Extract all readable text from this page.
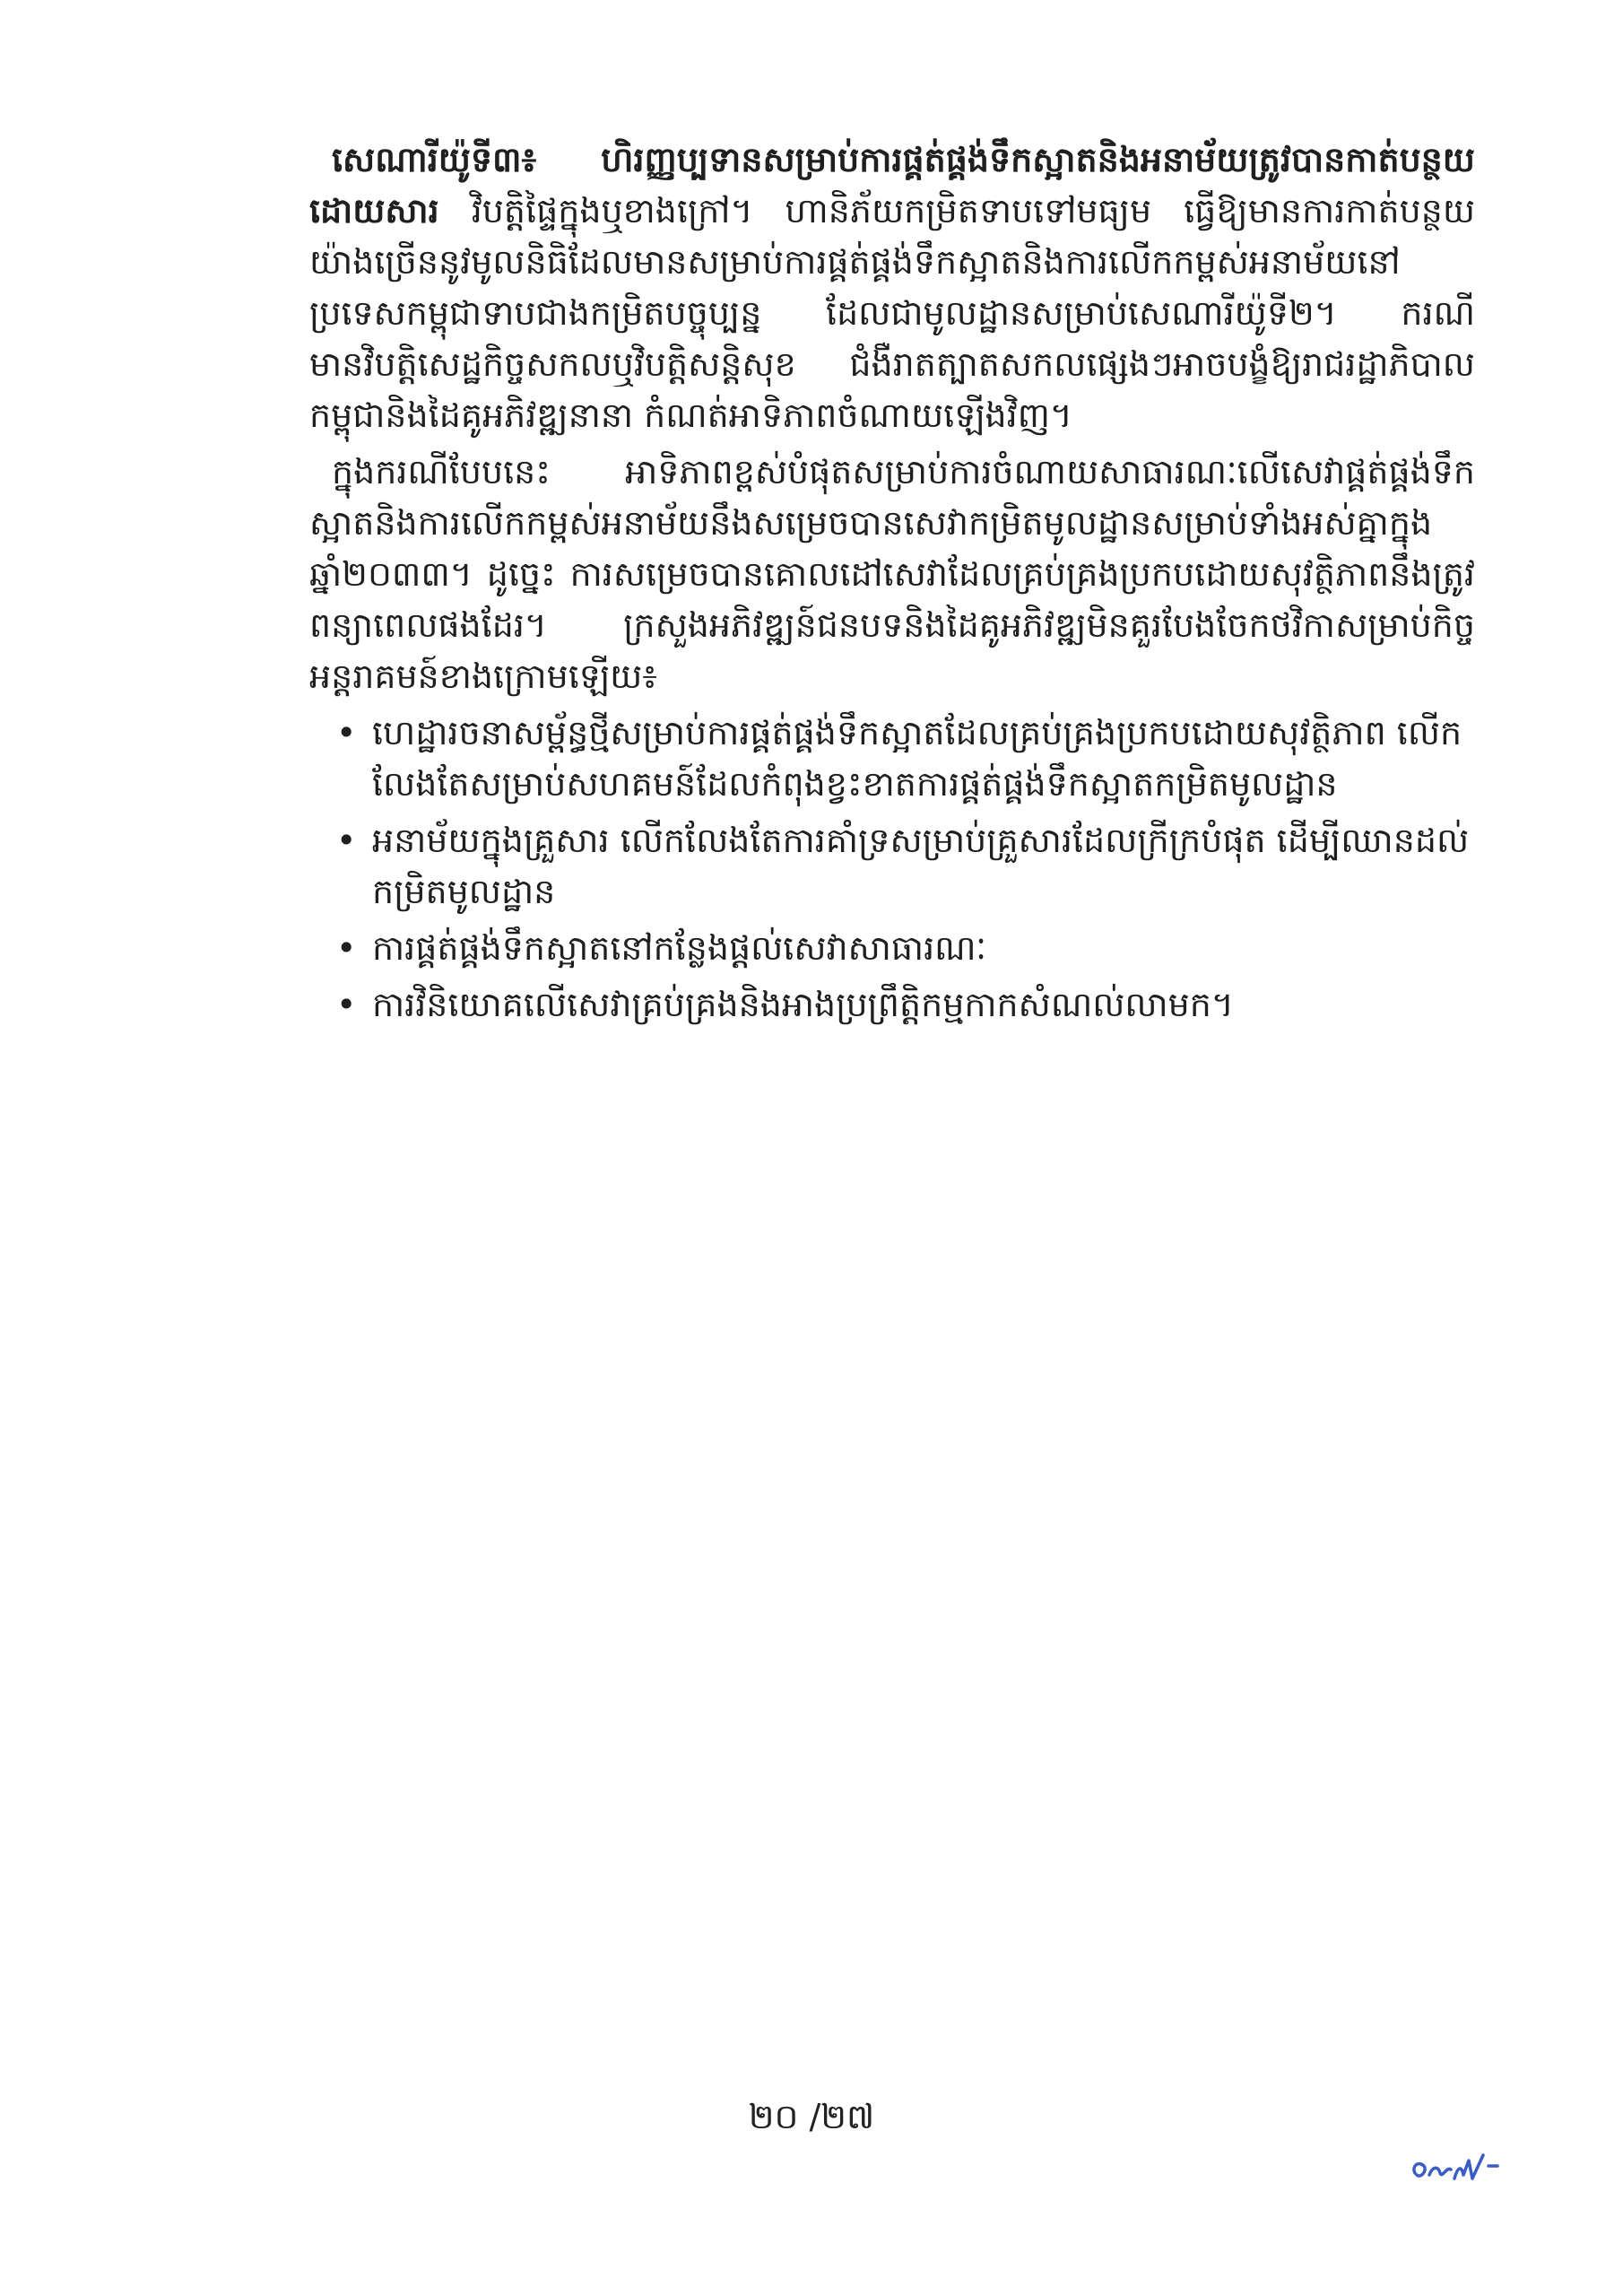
សេណារីយ៉ូទី៣៖ ហិរញ្ញប្បទានសម្រាប់ការផ្គត់ផ្គង់ទឹកស្អាតនិងអនាម័យត្រូវបានកាត់បន្ថយ ដោយសារ វិបត្តិផ្ទៃក្នុងឬខាងក្រៅ។ ហានិភ័យកម្រិតទាបទៅមធ្យម ធ្វើឱ្យមានការកាត់បន្ថយយ៉ាងច្រើននូវមូលនិធិដែលមានសម្រាប់ការផ្គត់ផ្គង់ទឹកស្អាតនិងការលើកកម្ពស់អនាម័យនៅប្រទេសកម្ពុជាទាបជាងកម្រិតបច្ចុប្បន្ន ដែលជាមូលដ្ឋានសម្រាប់សេណារីយ៉ូទី២។ ករណីមានវិបត្តិសេដ្ឋកិច្ចសកលឬវិបត្តិសន្តិសុខ ជំងឺរាតត្បាតសកលផ្សេងៗអាចបង្ខំឱ្យរាជរដ្ឋាភិបាលកម្ពុជានិងដៃគូអភិវឌ្ឍនានា កំណត់អាទិភាពចំណាយឡើងវិញ។

ក្នុងករណីបែបនេះ អាទិភាពខ្ពស់បំផុតសម្រាប់ការចំណាយសាធារណៈលើសេវាផ្គត់ផ្គង់ទឹកស្អាតនិងការលើកកម្ពស់អនាម័យនឹងសម្រេចបានសេវាកម្រិតមូលដ្ឋានសម្រាប់ទាំងអស់គ្នាក្នុងឆ្នាំ២០៣៣។ ដូច្នេះ ការសម្រេចបានគោលដៅសេវាដែលគ្រប់គ្រងប្រកបដោយសុវត្ថិភាពនឹងត្រូវពន្យាពេលផងដែរ។ ក្រសួងអភិវឌ្ឍន៍ជនបទនិងដៃគូអភិវឌ្ឍមិនគួរបែងចែកថវិកាសម្រាប់កិច្ចអន្តរាគមន៍ខាងក្រោមឡើយ៖

• ហេដ្ឋារចនាសម្ព័ន្ធថ្មីសម្រាប់ការផ្គត់ផ្គង់ទឹកស្អាតដែលគ្រប់គ្រងប្រកបដោយសុវត្ថិភាព លើកលែងតែសម្រាប់សហគមន៍ដែលកំពុងខ្វះខាតការផ្គត់ផ្គង់ទឹកស្អាតកម្រិតមូលដ្ឋាន
• អនាម័យក្នុងគ្រួសារ លើកលែងតែការគាំទ្រសម្រាប់គ្រួសារដែលក្រីក្របំផុត ដើម្បីឈានដល់កម្រិតមូលដ្ឋាន
• ការផ្គត់ផ្គង់ទឹកស្អាតនៅកន្លែងផ្តល់សេវាសាធារណៈ
• ការវិនិយោគលើសេវាគ្រប់គ្រងនិងអាងប្រព្រឹត្តិកម្មកាកសំណល់លាមក។
២០ /២៧
